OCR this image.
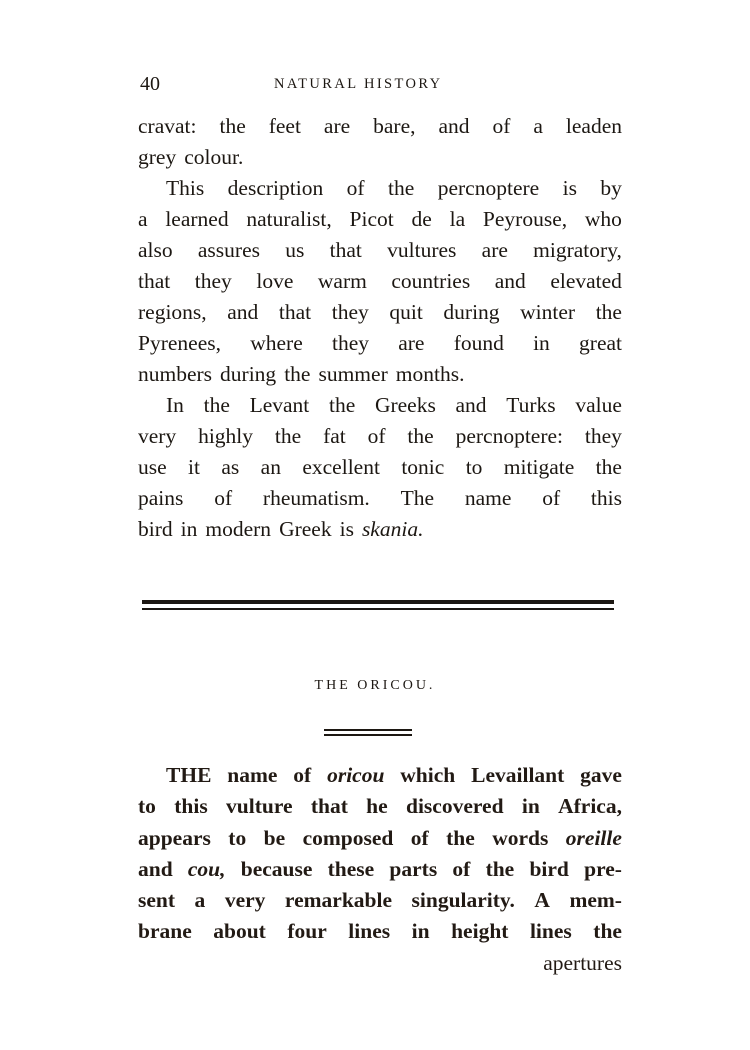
40	NATURAL HISTORY
cravat: the feet are bare, and of a leaden
grey colour.
This description of the percnoptere is by
a learned naturalist, Picot de la Peyrouse, who
also assures us that vultures are migratory,
that they love warm countries and elevated
regions, and that they quit during winter the
Pyrenees, where they are found in great
numbers during the summer months.
In the Levant the Greeks and Turks value
very highly the fat of the percnoptere: they
use it as an excellent tonic to mitigate the
pains of rheumatism. The name of this
bird in modern Greek is skania.
THE ORICOU.
THE name of oricou which Levaillant gave
to this vulture that he discovered in Africa,
appears to be composed of the words oreille
and cou, because these parts of the bird pre-
sent a very remarkable singularity. A mem-
brane about four lines in height lines the
apertures
